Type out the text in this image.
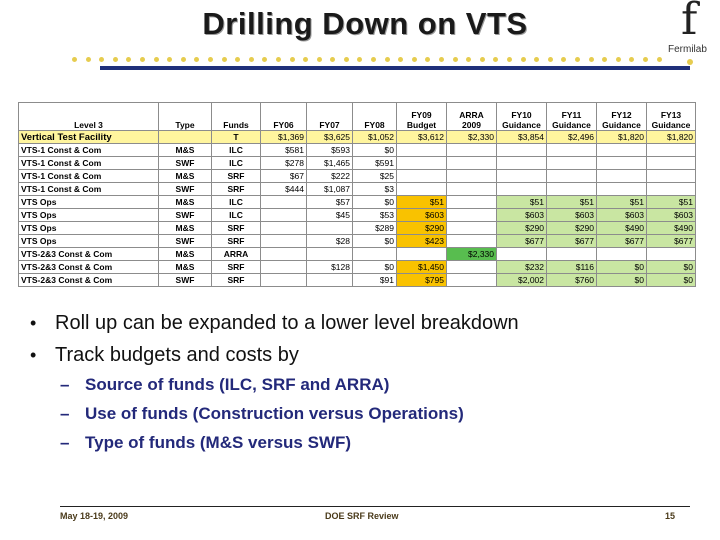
Drilling Down on VTS	f
Fermilab
Level 3	Type	Funds	FY06	FY07	FY08	FY09 Budget	ARRA 2009	FY10 Guidance	FY11 Guidance	FY12 Guidance	FY13 Guidance
Vertical Test Facility		T	$1,369	$3,625	$1,052	$3,612	$2,330	$3,854	$2,496	$1,820	$1,820
VTS-1 Const & Com	M&S	ILC	$581	$593	$0						
VTS-1 Const & Com	SWF	ILC	$278	$1,465	$591						
VTS-1 Const & Com	M&S	SRF	$67	$222	$25						
VTS-1 Const & Com	SWF	SRF	$444	$1,087	$3						
VTS Ops	M&S	ILC		$57	$0	$51		$51	$51	$51	$51
VTS Ops	SWF	ILC		$45	$53	$603		$603	$603	$603	$603
VTS Ops	M&S	SRF			$289	$290		$290	$290	$490	$490
VTS Ops	SWF	SRF		$28	$0	$423		$677	$677	$677	$677
VTS-2&3 Const & Com	M&S	ARRA					$2,330				
VTS-2&3 Const & Com	M&S	SRF		$128	$0	$1,450		$232	$116	$0	$0
VTS-2&3 Const & Com	SWF	SRF			$91	$795		$2,002	$760	$0	$0
• Roll up can be expanded to a lower level breakdown
• Track budgets and costs by
– Source of funds (ILC, SRF and ARRA)
– Use of funds (Construction versus Operations)
– Type of funds (M&S versus SWF)
May 18-19, 2009	DOE SRF Review	15
